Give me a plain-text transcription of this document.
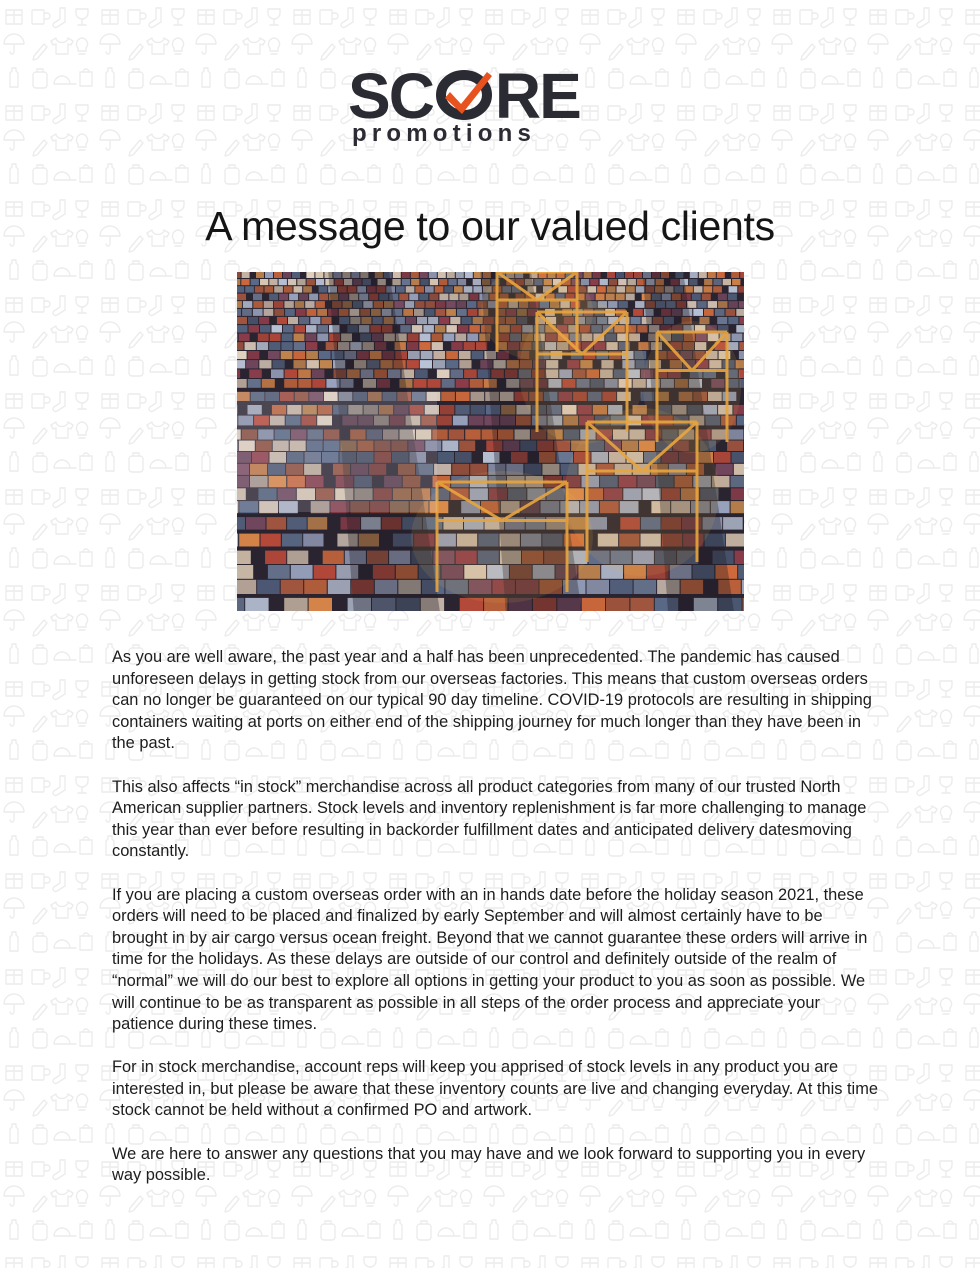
SC RE
promotions
A message to our valued clients

As you are well aware, the past year and a half has been unprecedented. The pandemic has caused unforeseen delays in getting stock from our overseas factories. This means that custom overseas orders can no longer be guaranteed on our typical 90 day timeline. COVID-19 protocols are resulting in shipping containers waiting at ports on either end of the shipping journey for much longer than they have been in the past.

This also affects “in stock” merchandise across all product categories from many of our trusted North American supplier partners. Stock levels and inventory replenishment is far more challenging to manage this year than ever before resulting in backorder fulfillment dates and anticipated delivery datesmoving constantly.

If you are placing a custom overseas order with an in hands date before the holiday season 2021, these orders will need to be placed and finalized by early September and will almost certainly have to be brought in by air cargo versus ocean freight. Beyond that we cannot guarantee these orders will arrive in time for the holidays. As these delays are outside of our control and definitely outside of the realm of “normal” we will do our best to explore all options in getting your product to you as soon as possible. We will continue to be as transparent as possible in all steps of the order process and appreciate your patience during these times.

For in stock merchandise, account reps will keep you apprised of stock levels in any product you are interested in, but please be aware that these inventory counts are live and changing everyday. At this time stock cannot be held without a confirmed PO and artwork.

We are here to answer any questions that you may have and we look forward to supporting you in every way possible.
